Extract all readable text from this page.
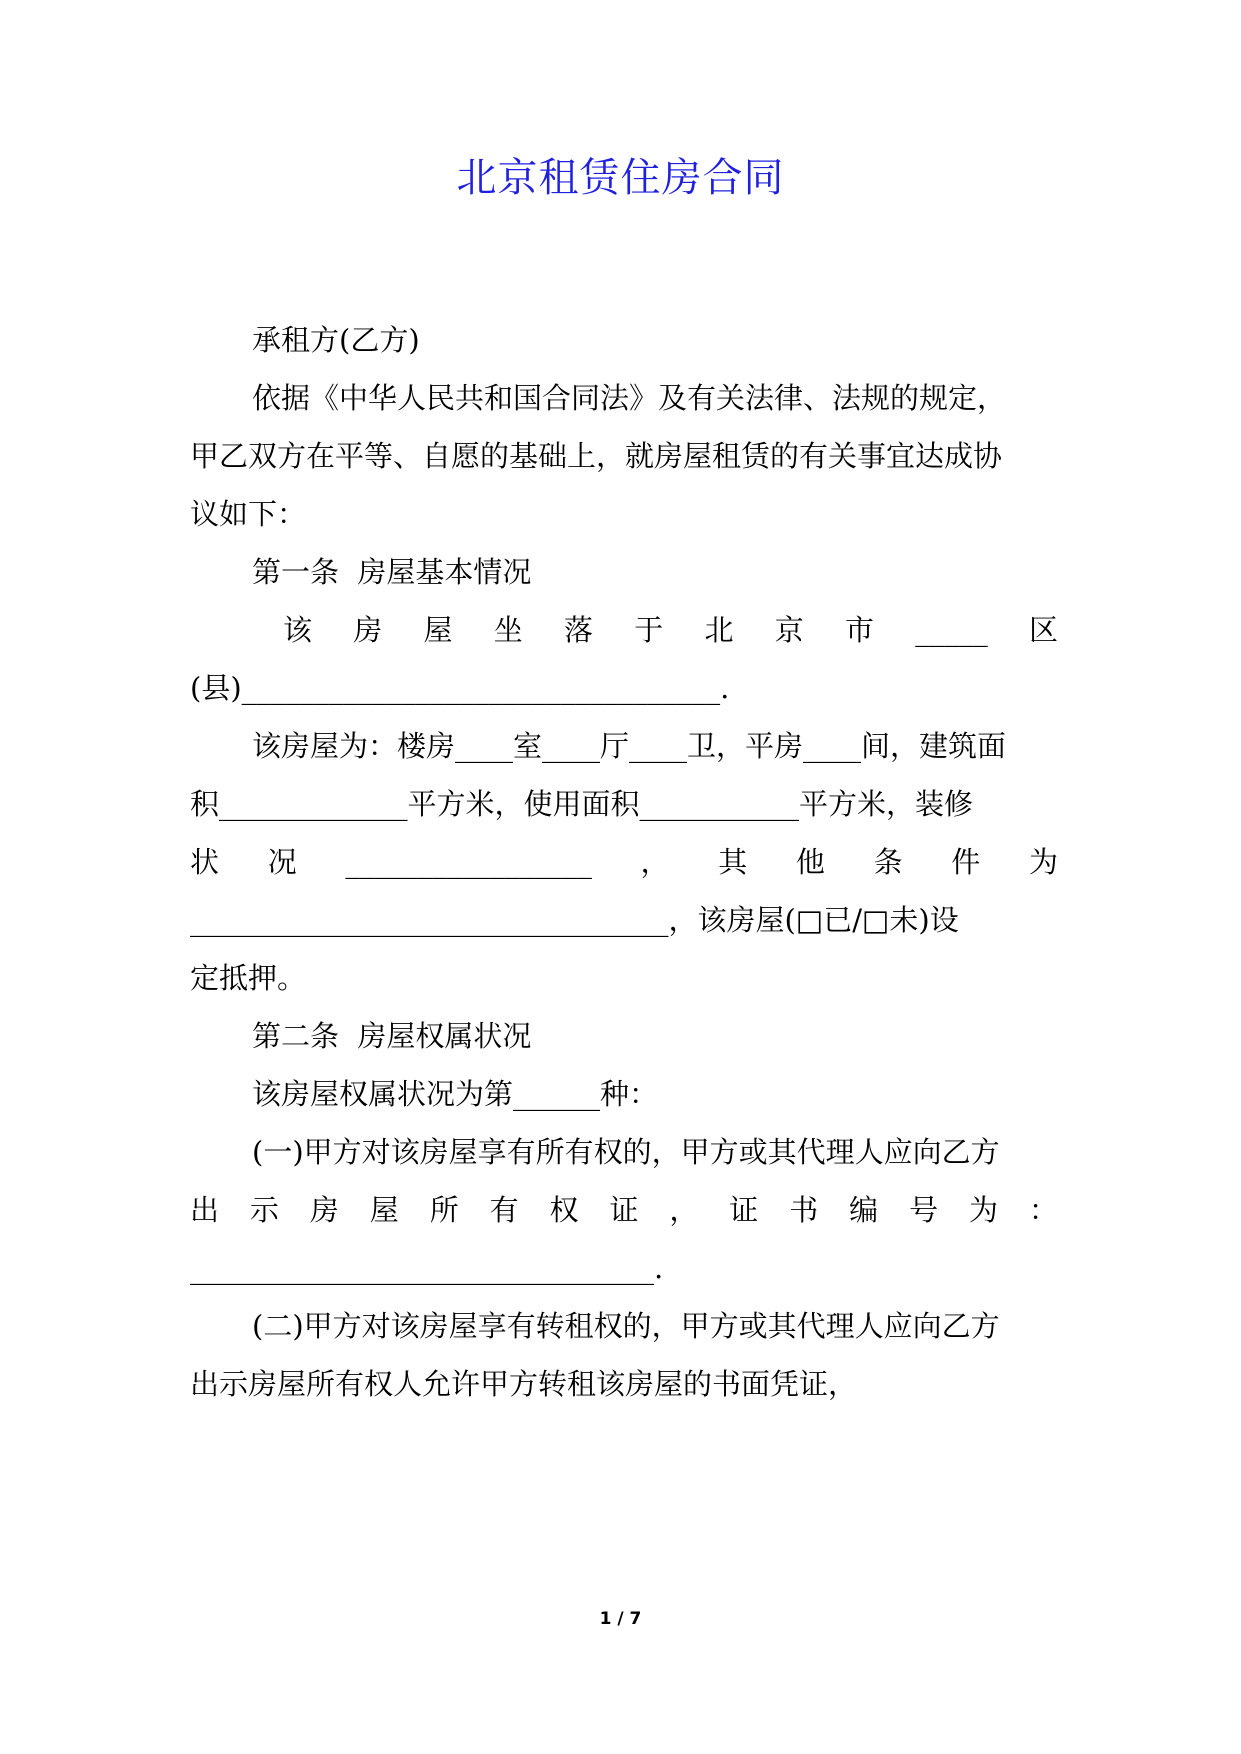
北京租赁住房合同
承租方(乙方)
依据《中华人民共和国合同法》及有关法律、法规的规定，
甲乙双方在平等、自愿的基础上，就房屋租赁的有关事宜达成协
议如下：
第一条  房屋基本情况
该 房 屋 坐 落 于 北 京 市 _____ 区
(县)_________________________________.
该房屋为：楼房____室____厅____卫，平房____间，建筑面
积_____________平方米，使用面积___________平方米，装修
状 况 _________________ ， 其 他 条 件 为
_________________________________，该房屋(□已/□未)设
定抵押。
第二条  房屋权属状况
该房屋权属状况为第______种：
(一)甲方对该房屋享有所有权的，甲方或其代理人应向乙方
出 示 房 屋 所 有 权 证 ， 证 书 编 号 为 ：
________________________________.
(二)甲方对该房屋享有转租权的，甲方或其代理人应向乙方
出示房屋所有权人允许甲方转租该房屋的书面凭证，
1 / 7
